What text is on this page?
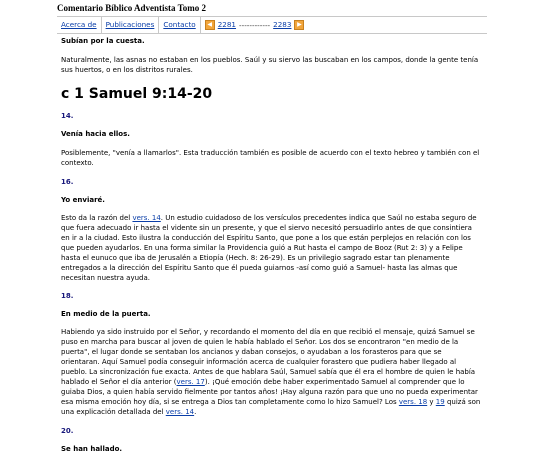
Comentario Bíblico Adventista Tomo 2
Acerca de	Publicaciones	Contacto	◀ 2281 ------------ 2283 ▶

Subían por la cuesta.

Naturalmente, las asnas no estaban en los pueblos. Saúl y su siervo las buscaban en los campos, donde la gente tenía sus huertos, o en los distritos rurales.

c 1 Samuel 9:14-20

14.

Venía hacia ellos.

Posiblemente, "venía a llamarlos". Esta traducción también es posible de acuerdo con el texto hebreo y también con el contexto.

16.

Yo enviaré.

Esto da la razón del vers. 14. Un estudio cuidadoso de los versículos precedentes indica que Saúl no estaba seguro de que fuera adecuado ir hasta el vidente sin un presente, y que el siervo necesitó persuadirlo antes de que consintiera en ir a la ciudad. Esto ilustra la conducción del Espíritu Santo, que pone a los que están perplejos en relación con los que pueden ayudarlos. En una forma similar la Providencia guió a Rut hasta el campo de Booz (Rut 2: 3) y a Felipe hasta el eunuco que iba de Jerusalén a Etiopía (Hech. 8: 26-29). Es un privilegio sagrado estar tan plenamente entregados a la dirección del Espíritu Santo que él pueda guiarnos -así como guió a Samuel- hasta las almas que necesitan nuestra ayuda.

18.

En medio de la puerta.

Habiendo ya sido instruido por el Señor, y recordando el momento del día en que recibió el mensaje, quizá Samuel se puso en marcha para buscar al joven de quien le había hablado el Señor. Los dos se encontraron "en medio de la puerta", el lugar donde se sentaban los ancianos y daban consejos, o ayudaban a los forasteros para que se orientaran. Aquí Samuel podía conseguir información acerca de cualquier forastero que pudiera haber llegado al pueblo. La sincronización fue exacta. Antes de que hablara Saúl, Samuel sabía que él era el hombre de quien le había hablado el Señor el día anterior (vers. 17). ¡Qué emoción debe haber experimentado Samuel al comprender que lo guiaba Dios, a quien había servido fielmente por tantos años! ¡Hay alguna razón para que uno no pueda experimentar esa misma emoción hoy día, si se entrega a Dios tan completamente como lo hizo Samuel? Los vers. 18 y 19 quizá son una explicación detallada del vers. 14.

20.

Se han hallado.
